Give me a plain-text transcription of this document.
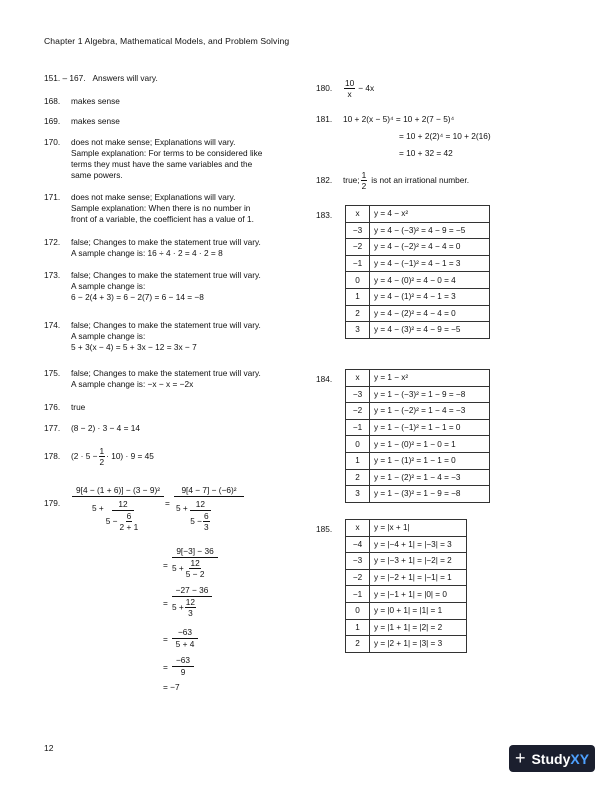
Chapter 1 Algebra, Mathematical Models, and Problem Solving
151. – 167. Answers will vary.
168. makes sense
169. makes sense
170. does not make sense; Explanations will vary.
Sample explanation: For terms to be considered like
terms they must have the same variables and the
same powers.
171. does not make sense; Explanations will vary.
Sample explanation: When there is no number in
front of a variable, the coefficient has a value of 1.
172. false; Changes to make the statement true will vary.
A sample change is: 16 ÷ 4 · 2 = 4 · 2 = 8
173. false; Changes to make the statement true will vary.
A sample change is:
6 − 2(4 + 3) = 6 − 2(7) = 6 − 14 = −8
174. false; Changes to make the statement true will vary.
A sample change is:
5 + 3(x − 4) = 5 + 3x − 12 = 3x − 7
175. false; Changes to make the statement true will vary.
A sample change is: −x − x = −2x
176. true
177. (8 − 2) · 3 − 4 = 14
178.	$(2 \cdot 5 - \frac{1}{2} \cdot 10) \cdot 9 = 45$
179.
9[4 − (1 + 6)] − (3 − 9)²
$5 + \frac{12}{5 - \frac{6}{2 + 1}}$	=
9[4 − 7] − (−6)²
$5 + \frac{12}{5 - \frac{6}{3}}$
=
9[−3] − 36
$5 + \frac{12}{5 - 2}$
=
−27 − 36
$5 + \frac{12}{3}$
= $\frac{-63}{5 + 4}$
= $\frac{-63}{9}$
= −7
180.	$\frac{10}{x} - 4x$
181. 10 + 2(x − 5)⁴ = 10 + 2(7 − 5)⁴
= 10 + 2(2)⁴ = 10 + 2(16)
= 10 + 32 = 42
182.	true; $\frac{1}{2}$ is not an irrational number.
183.	x	y = 4 − x²
−3	y = 4 − (−3)² = 4 − 9 = −5
−2	y = 4 − (−2)² = 4 − 4 = 0
−1	y = 4 − (−1)² = 4 − 1 = 3
0	y = 4 − (0)² = 4 − 0 = 4
1	y = 4 − (1)² = 4 − 1 = 3
2	y = 4 − (2)² = 4 − 4 = 0
3	y = 4 − (3)² = 4 − 9 = −5
184.	x	y = 1 − x²
−3	y = 1 − (−3)² = 1 − 9 = −8
−2	y = 1 − (−2)² = 1 − 4 = −3
−1	y = 1 − (−1)² = 1 − 1 = 0
0	y = 1 − (0)² = 1 − 0 = 1
1	y = 1 − (1)² = 1 − 1 = 0
2	y = 1 − (2)² = 1 − 4 = −3
3	y = 1 − (3)² = 1 − 9 = −8
185.	x	y = |x + 1|
−4	y = |−4 + 1| = |−3| = 3
−3	y = |−3 + 1| = |−2| = 2
−2	y = |−2 + 1| = |−1| = 1
−1	y = |−1 + 1| = |0| = 0
0	y = |0 + 1| = |1| = 1
1	y = |1 + 1| = |2| = 2
2	y = |2 + 1| = |3| = 3
12	+ StudyXY
